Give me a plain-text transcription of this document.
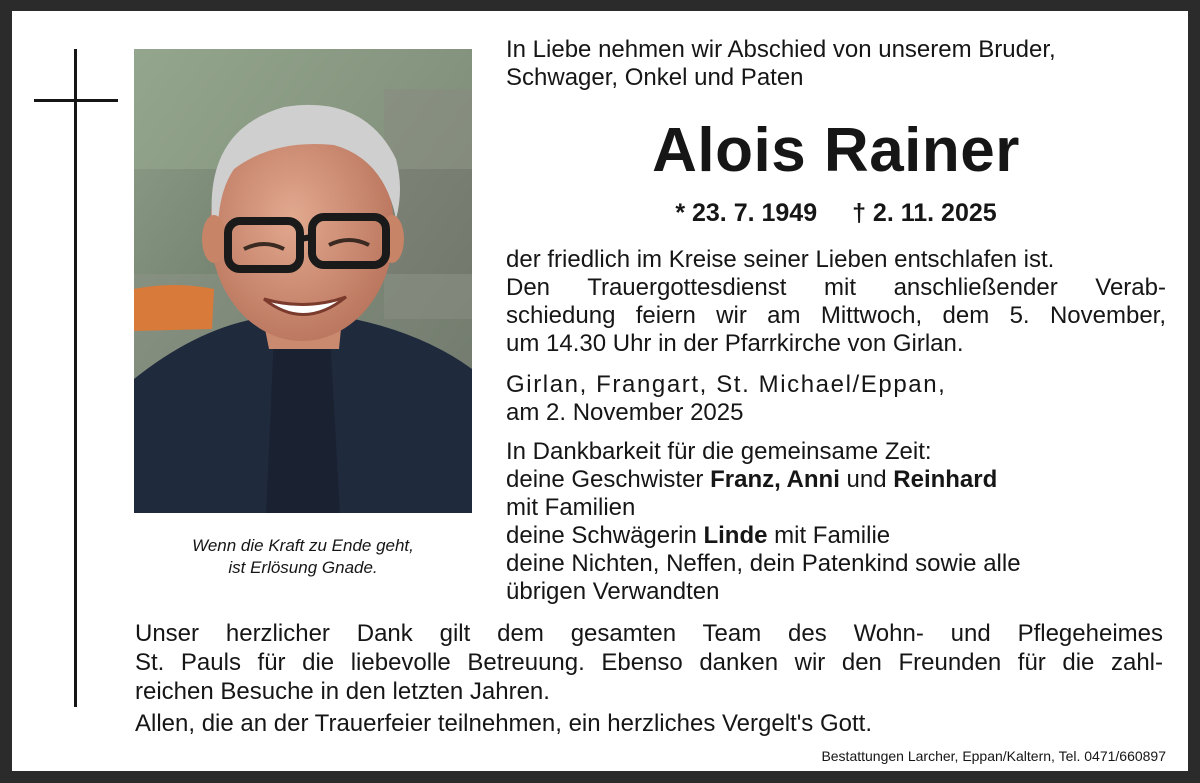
Wenn die Kraft zu Ende geht,
ist Erlösung Gnade.
In Liebe nehmen wir Abschied von unserem Bruder,
Schwager, Onkel und Paten
Alois Rainer
* 23. 7. 1949 † 2. 11. 2025
der friedlich im Kreise seiner Lieben entschlafen ist.
Den Trauergottesdienst mit anschließender Verab-
schiedung feiern wir am Mittwoch, dem 5. November,
um 14.30 Uhr in der Pfarrkirche von Girlan.
Girlan, Frangart, St. Michael/Eppan,
am 2. November 2025
In Dankbarkeit für die gemeinsame Zeit:
deine Geschwister Franz, Anni und Reinhard
mit Familien
deine Schwägerin Linde mit Familie
deine Nichten, Neffen, dein Patenkind sowie alle
übrigen Verwandten
Unser herzlicher Dank gilt dem gesamten Team des Wohn- und Pflegeheimes
St. Pauls für die liebevolle Betreuung. Ebenso danken wir den Freunden für die zahl-
reichen Besuche in den letzten Jahren.
Allen, die an der Trauerfeier teilnehmen, ein herzliches Vergelt's Gott.
Bestattungen Larcher, Eppan/Kaltern, Tel. 0471/660897
